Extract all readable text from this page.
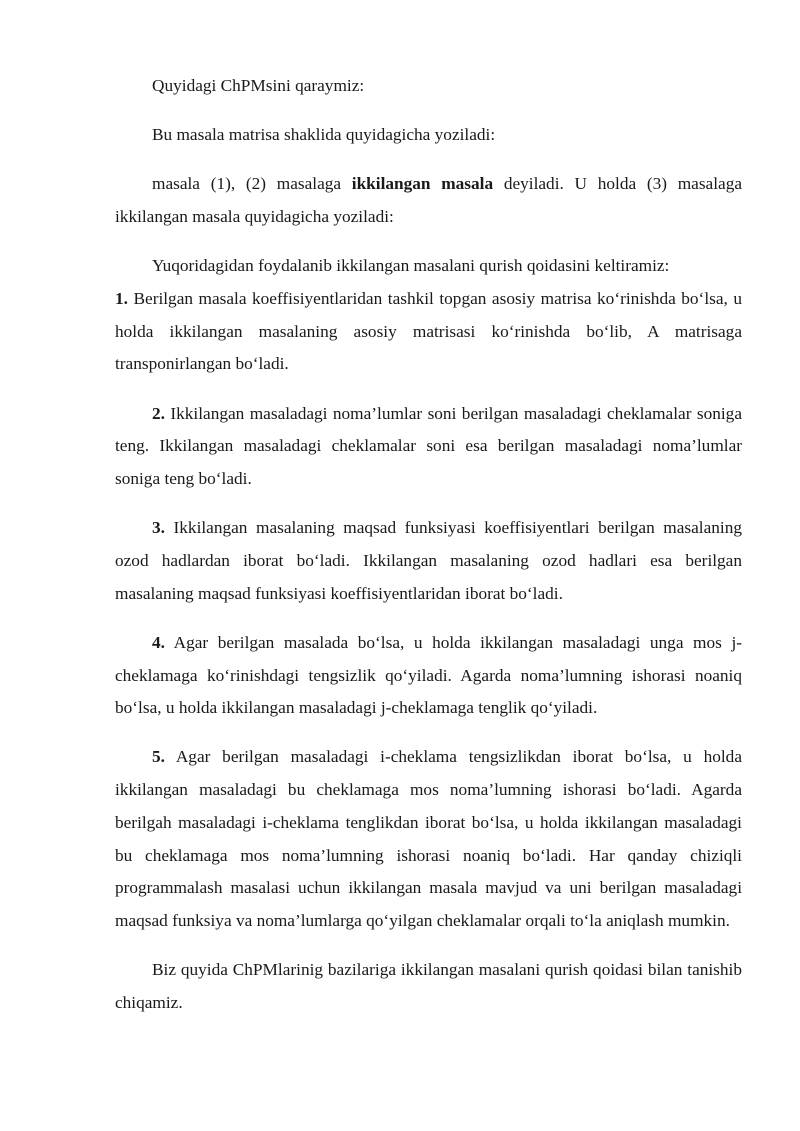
Quyidagi ChPMsini qaraymiz:

Bu masala matrisa shaklida quyidagicha yoziladi:

masala (1), (2) masalaga ikkilangan masala deyiladi. U holda (3) masalaga ikkilangan masala quyidagicha yoziladi:

Yuqoridagidan foydalanib ikkilangan masalani qurish qoidasini keltiramiz:
1. Berilgan masala koeffisiyentlaridan tashkil topgan asosiy matrisa ko‘rinishda bo‘lsa, u holda ikkilangan masalaning asosiy matrisasi ko‘rinishda bo‘lib, A matrisaga transponirlangan bo‘ladi.

2. Ikkilangan masaladagi noma’lumlar soni berilgan masaladagi cheklamalar soniga teng. Ikkilangan masaladagi cheklamalar soni esa berilgan masaladagi noma’lumlar soniga teng bo‘ladi.

3. Ikkilangan masalaning maqsad funksiyasi koeffisiyentlari berilgan masalaning ozod hadlardan iborat bo‘ladi. Ikkilangan masalaning ozod hadlari esa berilgan masalaning maqsad funksiyasi koeffisiyentlaridan iborat bo‘ladi.

4. Agar berilgan masalada bo‘lsa, u holda ikkilangan masaladagi unga mos j-cheklamaga ko‘rinishdagi tengsizlik qo‘yiladi. Agarda noma’lumning ishorasi noaniq bo‘lsa, u holda ikkilangan masaladagi j-cheklamaga tenglik qo‘yiladi.

5. Agar berilgan masaladagi i-cheklama tengsizlikdan iborat bo‘lsa, u holda ikkilangan masaladagi bu cheklamaga mos noma’lumning ishorasi bo‘ladi. Agarda berilgah masaladagi i-cheklama tenglikdan iborat bo‘lsa, u holda ikkilangan masaladagi bu cheklamaga mos noma’lumning ishorasi noaniq bo‘ladi. Har qanday chiziqli programmalash masalasi uchun ikkilangan masala mavjud va uni berilgan masaladagi maqsad funksiya va noma’lumlarga qo‘yilgan cheklamalar orqali to‘la aniqlash mumkin.

Biz quyida ChPMlarinig bazilariga ikkilangan masalani qurish qoidasi bilan tanishib chiqamiz.
